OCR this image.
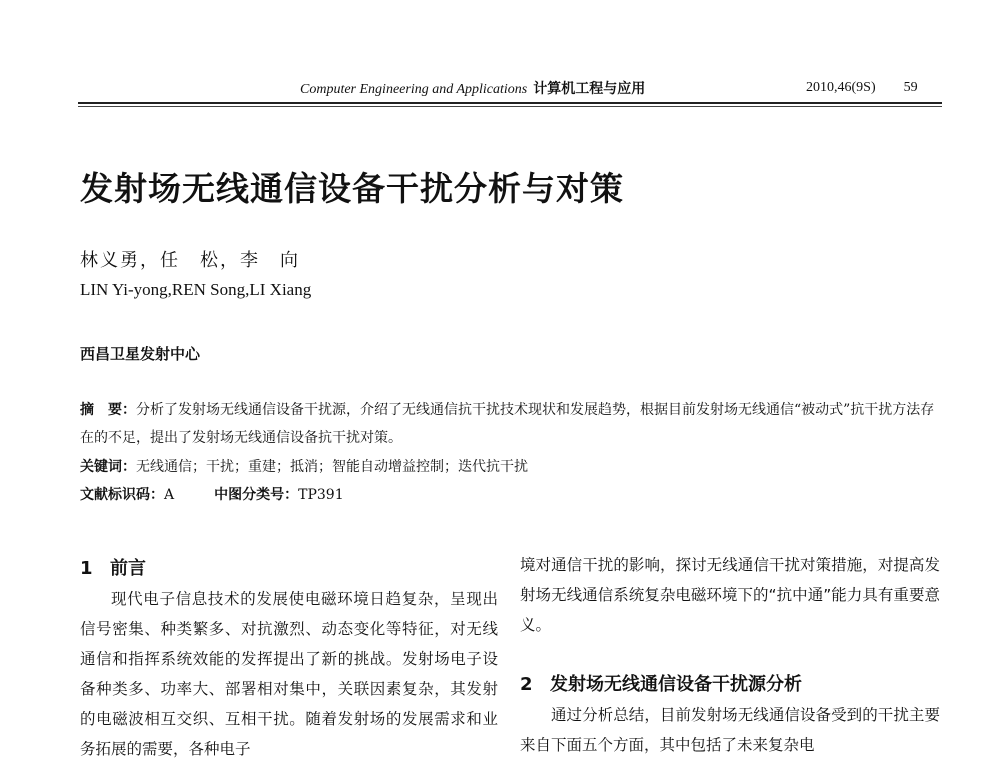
Computer Engineering and Applications 计算机工程与应用	2010,46(9S) 59
发射场无线通信设备干扰分析与对策
林义勇，任　松，李　向
LIN Yi-yong,REN Song,LI Xiang
西昌卫星发射中心
摘　要：分析了发射场无线通信设备干扰源，介绍了无线通信抗干扰技术现状和发展趋势，根据目前发射场无线通信“被动式”抗干扰方法存在的不足，提出了发射场无线通信设备抗干扰对策。
关键词：无线通信；干扰；重建；抵消；智能自动增益控制；迭代抗干扰
文献标识码：A	中图分类号：TP391
1 前言
现代电子信息技术的发展使电磁环境日趋复杂，呈现出信号密集、种类繁多、对抗激烈、动态变化等特征，对无线通信和指挥系统效能的发挥提出了新的挑战。发射场电子设备种类多、功率大、部署相对集中，关联因素复杂，其发射的电磁波相互交织、互相干扰。随着发射场的发展需求和业务拓展的需要，各种电子
境对通信干扰的影响，探讨无线通信干扰对策措施，对提高发射场无线通信系统复杂电磁环境下的“抗中通”能力具有重要意义。
2 发射场无线通信设备干扰源分析
通过分析总结，目前发射场无线通信设备受到的干扰主要来自下面五个方面，其中包括了未来复杂电
